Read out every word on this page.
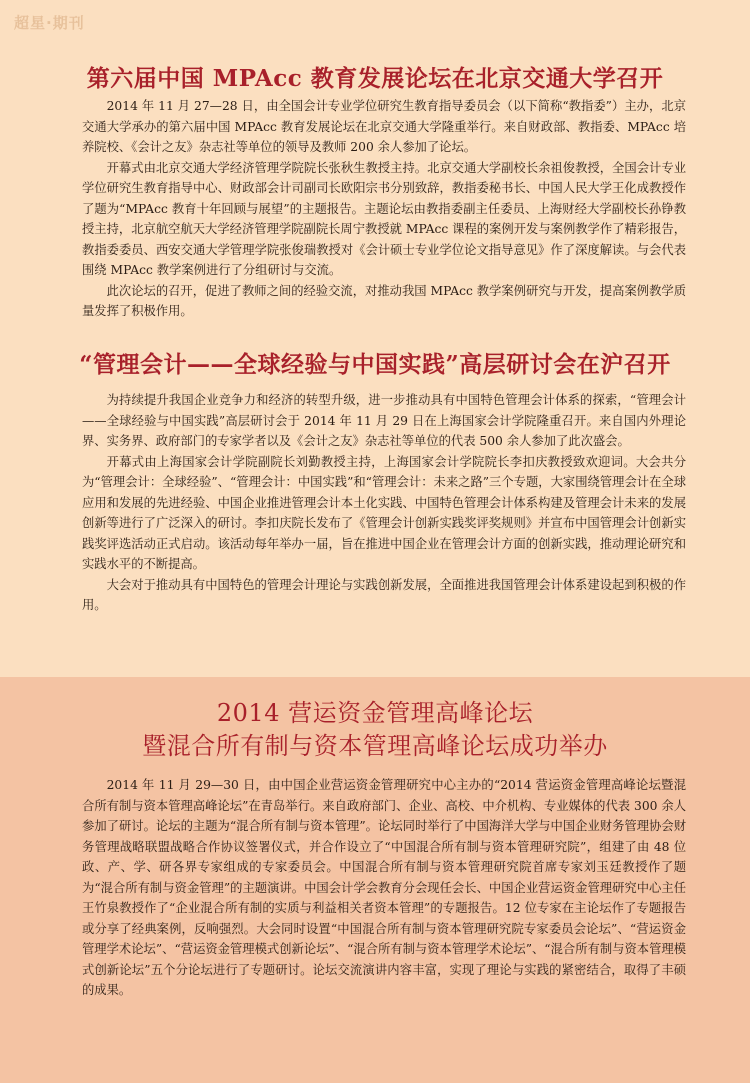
超星·期刊
第六届中国 MPAcc 教育发展论坛在北京交通大学召开

2014 年 11 月 27—28 日，由全国会计专业学位研究生教育指导委员会（以下简称“教指委”）主办，北京交通大学承办的第六届中国 MPAcc 教育发展论坛在北京交通大学隆重举行。来自财政部、教指委、MPAcc 培养院校、《会计之友》杂志社等单位的领导及教师 200 余人参加了论坛。

开幕式由北京交通大学经济管理学院院长张秋生教授主持。北京交通大学副校长余祖俊教授，全国会计专业学位研究生教育指导中心、财政部会计司副司长欧阳宗书分别致辞，教指委秘书长、中国人民大学王化成教授作了题为“MPAcc 教育十年回顾与展望”的主题报告。主题论坛由教指委副主任委员、上海财经大学副校长孙铮教授主持，北京航空航天大学经济管理学院副院长周宁教授就 MPAcc 课程的案例开发与案例教学作了精彩报告，教指委委员、西安交通大学管理学院张俊瑞教授对《会计硕士专业学位论文指导意见》作了深度解读。与会代表围绕 MPAcc 教学案例进行了分组研讨与交流。

此次论坛的召开，促进了教师之间的经验交流，对推动我国 MPAcc 教学案例研究与开发，提高案例教学质量发挥了积极作用。

“管理会计——全球经验与中国实践”高层研讨会在沪召开

为持续提升我国企业竞争力和经济的转型升级，进一步推动具有中国特色管理会计体系的探索，“管理会计——全球经验与中国实践”高层研讨会于 2014 年 11 月 29 日在上海国家会计学院隆重召开。来自国内外理论界、实务界、政府部门的专家学者以及《会计之友》杂志社等单位的代表 500 余人参加了此次盛会。

开幕式由上海国家会计学院副院长刘勤教授主持，上海国家会计学院院长李扣庆教授致欢迎词。大会共分为“管理会计：全球经验”、“管理会计：中国实践”和“管理会计：未来之路”三个专题，大家围绕管理会计在全球应用和发展的先进经验、中国企业推进管理会计本土化实践、中国特色管理会计体系构建及管理会计未来的发展创新等进行了广泛深入的研讨。李扣庆院长发布了《管理会计创新实践奖评奖规则》并宣布中国管理会计创新实践奖评选活动正式启动。该活动每年举办一届，旨在推进中国企业在管理会计方面的创新实践，推动理论研究和实践水平的不断提高。

大会对于推动具有中国特色的管理会计理论与实践创新发展，全面推进我国管理会计体系建设起到积极的作用。

2014 营运资金管理高峰论坛
暨混合所有制与资本管理高峰论坛成功举办

2014 年 11 月 29—30 日，由中国企业营运资金管理研究中心主办的“2014 营运资金管理高峰论坛暨混合所有制与资本管理高峰论坛”在青岛举行。来自政府部门、企业、高校、中介机构、专业媒体的代表 300 余人参加了研讨。论坛的主题为“混合所有制与资本管理”。论坛同时举行了中国海洋大学与中国企业财务管理协会财务管理战略联盟战略合作协议签署仪式，并合作设立了“中国混合所有制与资本管理研究院”，组建了由 48 位政、产、学、研各界专家组成的专家委员会。中国混合所有制与资本管理研究院首席专家刘玉廷教授作了题为“混合所有制与资金管理”的主题演讲。中国会计学会教育分会现任会长、中国企业营运资金管理研究中心主任王竹泉教授作了“企业混合所有制的实质与利益相关者资本管理”的专题报告。12 位专家在主论坛作了专题报告或分享了经典案例，反响强烈。大会同时设置“中国混合所有制与资本管理研究院专家委员会论坛”、“营运资金管理学术论坛”、“营运资金管理模式创新论坛”、“混合所有制与资本管理学术论坛”、“混合所有制与资本管理模式创新论坛”五个分论坛进行了专题研讨。论坛交流演讲内容丰富，实现了理论与实践的紧密结合，取得了丰硕的成果。
